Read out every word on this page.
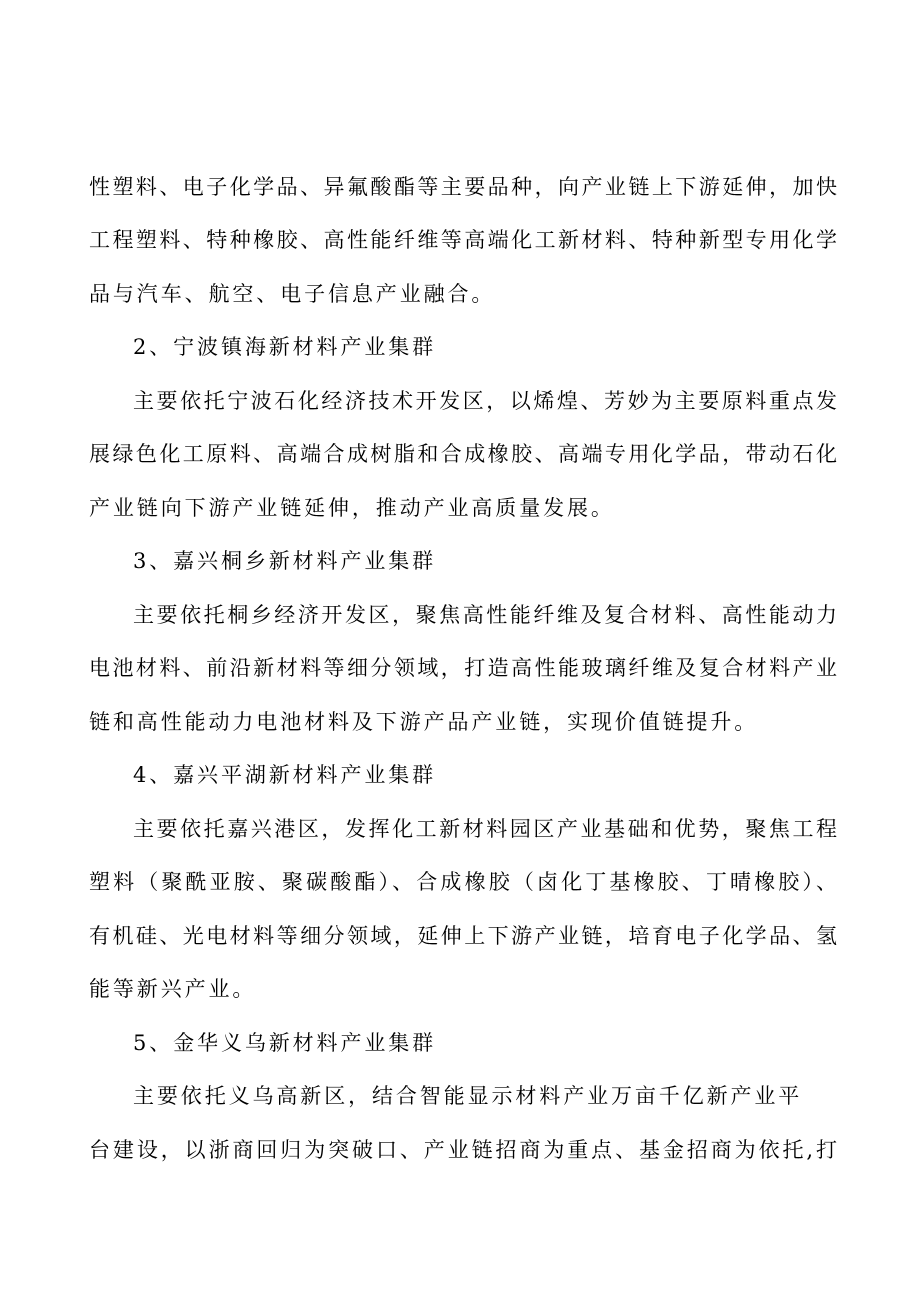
性塑料、电子化学品、异氟酸酯等主要品种，向产业链上下游延伸，加快
工程塑料、特种橡胶、高性能纤维等高端化工新材料、特种新型专用化学
品与汽车、航空、电子信息产业融合。
2、宁波镇海新材料产业集群
主要依托宁波石化经济技术开发区，以烯煌、芳妙为主要原料重点发
展绿色化工原料、高端合成树脂和合成橡胶、高端专用化学品，带动石化
产业链向下游产业链延伸，推动产业高质量发展。
3、嘉兴桐乡新材料产业集群
主要依托桐乡经济开发区，聚焦高性能纤维及复合材料、高性能动力
电池材料、前沿新材料等细分领域，打造高性能玻璃纤维及复合材料产业
链和高性能动力电池材料及下游产品产业链，实现价值链提升。
4、嘉兴平湖新材料产业集群
主要依托嘉兴港区，发挥化工新材料园区产业基础和优势，聚焦工程
塑料（聚酰亚胺、聚碳酸酯）、合成橡胶（卤化丁基橡胶、丁晴橡胶）、
有机硅、光电材料等细分领域，延伸上下游产业链，培育电子化学品、氢
能等新兴产业。
5、金华义乌新材料产业集群
主要依托义乌高新区，结合智能显示材料产业万亩千亿新产业平
台建设，以浙商回归为突破口、产业链招商为重点、基金招商为依托,打
